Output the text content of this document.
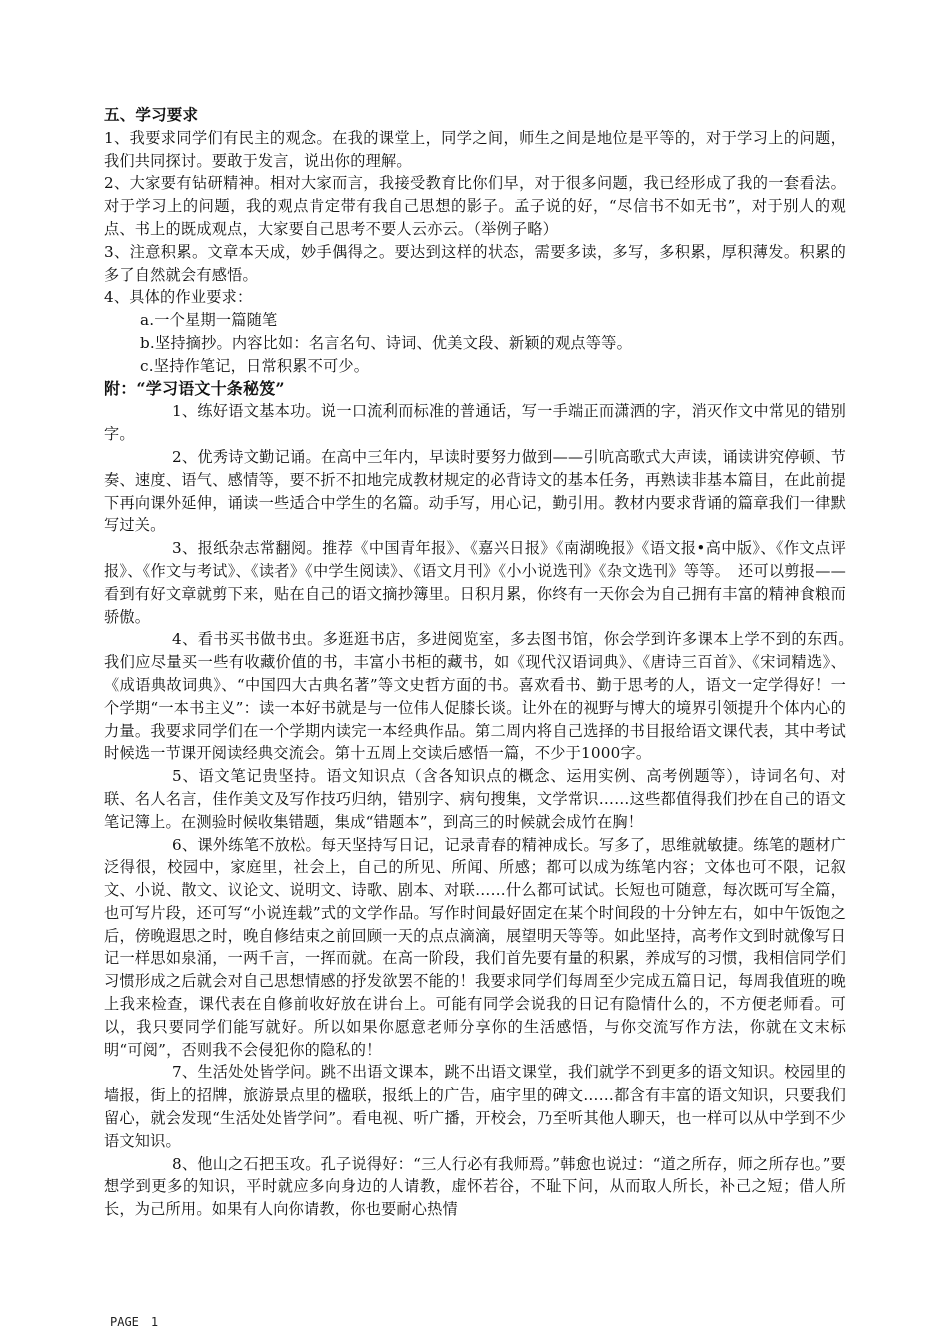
五、学习要求

1、我要求同学们有民主的观念。在我的课堂上，同学之间，师生之间是地位是平等的，对于学习上的问题，我们共同探讨。要敢于发言，说出你的理解。

2、大家要有钻研精神。相对大家而言，我接受教育比你们早，对于很多问题，我已经形成了我的一套看法。对于学习上的问题，我的观点肯定带有我自己思想的影子。孟子说的好，“尽信书不如无书”，对于别人的观点、书上的既成观点，大家要自己思考不要人云亦云。（举例子略）

3、注意积累。文章本天成，妙手偶得之。要达到这样的状态，需要多读，多写，多积累，厚积薄发。积累的多了自然就会有感悟。

4、具体的作业要求：

a.一个星期一篇随笔

b.坚持摘抄。内容比如：名言名句、诗词、优美文段、新颖的观点等等。

c.坚持作笔记，日常积累不可少。

附：“学习语文十条秘笈”

1、练好语文基本功。说一口流利而标准的普通话，写一手端正而潇洒的字，消灭作文中常见的错别字。

2、优秀诗文勤记诵。在高中三年内，早读时要努力做到——引吭高歌式大声读，诵读讲究停顿、节奏、速度、语气、感情等，要不折不扣地完成教材规定的必背诗文的基本任务，再熟读非基本篇目，在此前提下再向课外延伸，诵读一些适合中学生的名篇。动手写，用心记，勤引用。教材内要求背诵的篇章我们一律默写过关。

3、报纸杂志常翻阅。推荐《中国青年报》、《嘉兴日报》《南湖晚报》《语文报•高中版》、《作文点评报》、《作文与考试》、《读者》《中学生阅读》、《语文月刊》《小小说选刊》《杂文选刊》等等。　还可以剪报——看到有好文章就剪下来，贴在自己的语文摘抄簿里。日积月累，你终有一天你会为自己拥有丰富的精神食粮而骄傲。

4、看书买书做书虫。多逛逛书店，多进阅览室，多去图书馆，你会学到许多课本上学不到的东西。　我们应尽量买一些有收藏价值的书，丰富小书柜的藏书，如《现代汉语词典》、《唐诗三百首》、《宋词精选》、《成语典故词典》、“中国四大古典名著”等文史哲方面的书。喜欢看书、勤于思考的人，语文一定学得好！一个学期“一本书主义”：读一本好书就是与一位伟人促膝长谈。让外在的视野与博大的境界引领提升个体内心的力量。我要求同学们在一个学期内读完一本经典作品。第二周内将自己选择的书目报给语文课代表，其中考试时候选一节课开阅读经典交流会。第十五周上交读后感悟一篇，不少于1000字。

5、语文笔记贵坚持。语文知识点（含各知识点的概念、运用实例、高考例题等），诗词名句、对联、名人名言，佳作美文及写作技巧归纳，错别字、病句搜集，文学常识……这些都值得我们抄在自己的语文笔记簿上。在测验时候收集错题，集成“错题本”，到高三的时候就会成竹在胸！

6、课外练笔不放松。每天坚持写日记，记录青春的精神成长。写多了，思维就敏捷。练笔的题材广泛得很，校园中，家庭里，社会上，自己的所见、所闻、所感；都可以成为练笔内容；文体也可不限，记叙文、小说、散文、议论文、说明文、诗歌、剧本、对联……什么都可试试。长短也可随意，每次既可写全篇，也可写片段，还可写“小说连载”式的文学作品。写作时间最好固定在某个时间段的十分钟左右，如中午饭饱之后，傍晚遐思之时，晚自修结束之前回顾一天的点点滴滴，展望明天等等。如此坚持，高考作文到时就像写日记一样思如泉涌，一两千言，一挥而就。在高一阶段，我们首先要有量的积累，养成写的习惯，我相信同学们习惯形成之后就会对自己思想情感的抒发欲罢不能的！我要求同学们每周至少完成五篇日记，每周我值班的晚上我来检查，课代表在自修前收好放在讲台上。可能有同学会说我的日记有隐情什么的，不方便老师看。可以，我只要同学们能写就好。所以如果你愿意老师分享你的生活感悟，与你交流写作方法，你就在文末标明“可阅”，否则我不会侵犯你的隐私的！

7、生活处处皆学问。跳不出语文课本，跳不出语文课堂，我们就学不到更多的语文知识。校园里的墙报，街上的招牌，旅游景点里的楹联，报纸上的广告，庙宇里的碑文……都含有丰富的语文知识，只要我们留心，就会发现“生活处处皆学问”。看电视、听广播，开校会，乃至听其他人聊天，也一样可以从中学到不少语文知识。

8、他山之石把玉攻。孔子说得好：“三人行必有我师焉。”韩愈也说过：“道之所存，师之所存也。”要想学到更多的知识，平时就应多向身边的人请教，虚怀若谷，不耻下问，从而取人所长，补己之短；借人所长，为己所用。如果有人向你请教，你也要耐心热情

PAGE　1
